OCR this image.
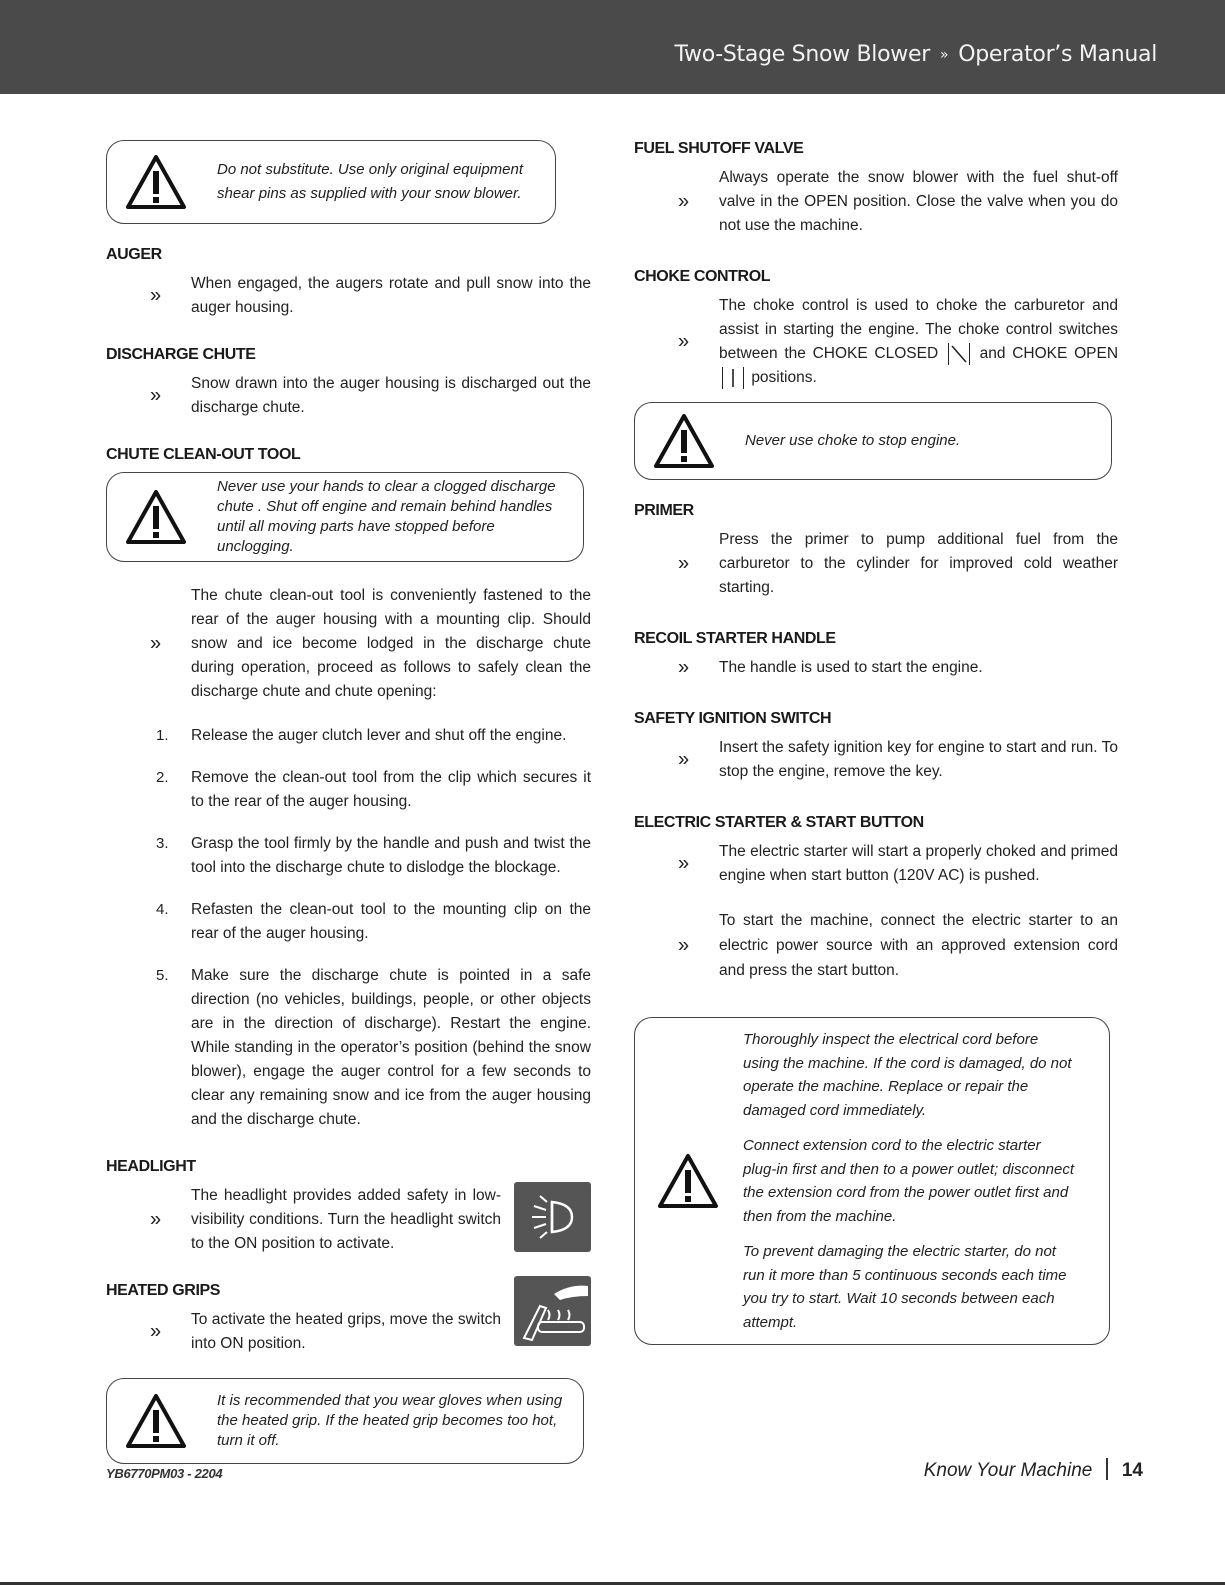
Two-Stage Snow Blower » Operator’s Manual
Do not substitute. Use only original equipment shear pins as supplied with your snow blower.
AUGER
»
When engaged, the augers rotate and pull snow into the auger housing.
DISCHARGE CHUTE
»
Snow drawn into the auger housing is discharged out the discharge chute.
CHUTE CLEAN-OUT TOOL
Never use your hands to clear a clogged discharge chute . Shut off engine and remain behind handles until all moving parts have stopped before unclogging.
»
The chute clean-out tool is conveniently fastened to the rear of the auger housing with a mounting clip. Should snow and ice become lodged in the discharge chute during operation, proceed as follows to safely clean the discharge chute and chute opening:
1. Release the auger clutch lever and shut off the engine.
2. Remove the clean-out tool from the clip which secures it to the rear of the auger housing.
3. Grasp the tool firmly by the handle and push and twist the tool into the discharge chute to dislodge the blockage.
4. Refasten the clean-out tool to the mounting clip on the rear of the auger housing.
5. Make sure the discharge chute is pointed in a safe direction (no vehicles, buildings, people, or other objects are in the direction of discharge). Restart the engine. While standing in the operator’s position (behind the snow blower), engage the auger control for a few seconds to clear any remaining snow and ice from the auger housing and the discharge chute.
HEADLIGHT
»
The headlight provides added safety in low-visibility conditions. Turn the headlight switch to the ON position to activate.
HEATED GRIPS
»
To activate the heated grips, move the switch into ON position.
It is recommended that you wear gloves when using the heated grip. If the heated grip becomes too hot, turn it off.
FUEL SHUTOFF VALVE
»
Always operate the snow blower with the fuel shut-off valve in the OPEN position. Close the valve when you do not use the machine.
CHOKE CONTROL
»
The choke control is used to choke the carburetor and assist in starting the engine. The choke control switches between the CHOKE CLOSED	and CHOKE OPEN
positions.
Never use choke to stop engine.
PRIMER
»
Press the primer to pump additional fuel from the carburetor to the cylinder for improved cold weather starting.
RECOIL STARTER HANDLE
» The handle is used to start the engine.
SAFETY IGNITION SWITCH
»
Insert the safety ignition key for engine to start and run. To stop the engine, remove the key.
ELECTRIC STARTER & START BUTTON
»
The electric starter will start a properly choked and primed engine when start button (120V AC) is pushed.
»
To start the machine, connect the electric starter to an electric power source with an approved extension cord and press the start button.

Thoroughly inspect the electrical cord before using the machine. If the cord is damaged, do not operate the machine. Replace or repair the damaged cord immediately.

Connect extension cord to the electric starter plug-in first and then to a power outlet; disconnect the extension cord from the power outlet first and then from the machine.

To prevent damaging the electric starter, do not run it more than 5 continuous seconds each time you try to start. Wait 10 seconds between each attempt.

YB6770PM03 - 2204	Know Your Machine 14
